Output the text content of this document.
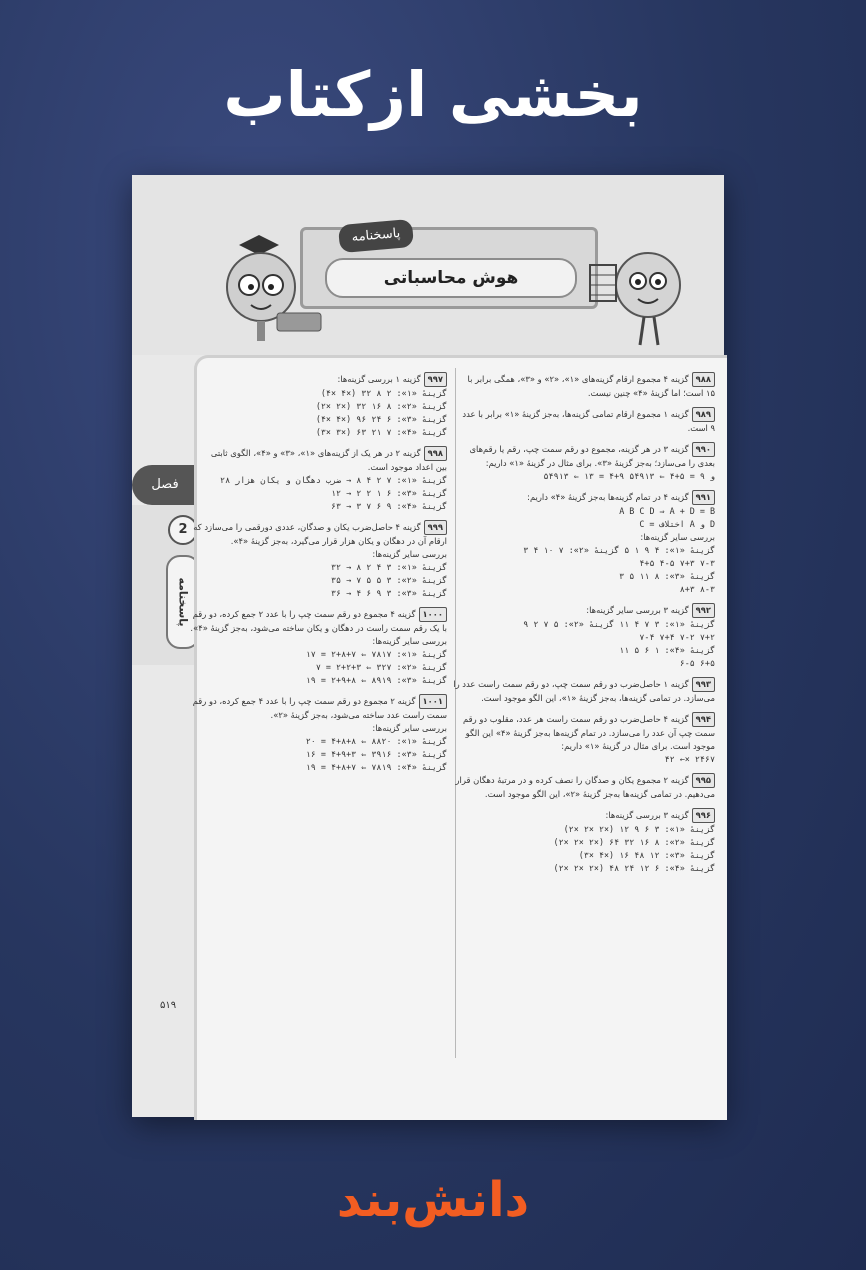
بخشی ازکتاب
پاسخنامه
هوش محاسباتی
فصل
2
پاسخنامه
۵۱۹
۹۸۸گزینه ۴ مجموع ارقام گزینه‌های «۱»، «۲» و «۳»، همگی برابر با
۱۵ است؛ اما گزینهٔ «۴» چنین نیست.
۹۸۹گزینه ۱ مجموع ارقام تمامی گزینه‌ها، به‌جز گزینهٔ «۱» برابر با عدد
۹ است.
۹۹۰گزینه ۳ در هر گزینه، مجموع دو رقم سمت چپ، رقم یا رقم‌های
بعدی را می‌سازد؛ به‌جز گزینهٔ «۳». برای مثال در گزینهٔ «۱» داریم:
۵۴۹۱۳ ⇐ ۱۳ = ۴+۹ و ۹ = ۵+۴ ⇐ ۵۴۹۱۳
۹۹۱گزینه ۴ در تمام گزینه‌ها به‌جز گزینهٔ «۴» داریم:
A B C D ⇒ A + D = B
C = اختلاف A و D
بررسی سایر گزینه‌ها:
گزینهٔ «۱»: ۴ ۹ ۱ ۵ گزینهٔ «۲»: ۷ ۱۰ ۴ ۳
۴+۵ ۴-۵ ۷+۳ ۷-۳
گزینهٔ «۳»: ۸ ۱۱ ۵ ۳
۸+۳ ۸-۳
۹۹۲گزینه ۳ بررسی سایر گزینه‌ها:
گزینهٔ «۱»: ۳ ۷ ۴ ۱۱ گزینهٔ «۲»: ۵ ۷ ۲ ۹
۷-۴ ۷+۴ ۷-۲ ۷+۲
گزینهٔ «۴»: ۱ ۶ ۵ ۱۱
۶-۵ ۶+۵
۹۹۳گزینه ۱ حاصل‌ضرب دو رقم سمت چپ، دو رقم سمت راست عدد را
می‌سازد. در تمامی گزینه‌ها، به‌جز گزینهٔ «۱»، این الگو موجود است.
۹۹۴گزینه ۴ حاصل‌ضرب دو رقم سمت راست هر عدد، مقلوب دو رقم
سمت چپ آن عدد را می‌سازد. در تمام گزینه‌ها به‌جز گزینهٔ «۴» این الگو
موجود است. برای مثال در گزینهٔ «۱» داریم:
۴۲ ←× ۲۴۶۷
۹۹۵گزینه ۲ مجموع یکان و صدگان را نصف کرده و در مرتبهٔ دهگان قرار
می‌دهیم. در تمامی گزینه‌ها به‌جز گزینهٔ «۲»، این الگو موجود است.
۹۹۶گزینه ۳ بررسی گزینه‌ها:
گزینهٔ «۱»: ۳ ۶ ۹ ۱۲ (×۲ ×۲ ×۲)
گزینهٔ «۲»: ۸ ۱۶ ۳۲ ۶۴ (×۲ ×۲ ×۲)
گزینهٔ «۳»: ۱۲ ۴۸ ۱۶ (×۴ ×۳)
گزینهٔ «۴»: ۶ ۱۲ ۲۴ ۴۸ (×۲ ×۲ ×۲)
۹۹۷گزینه ۱ بررسی گزینه‌ها:
گزینهٔ «۱»: ۲ ۸ ۳۲ (×۴ ×۴)
گزینهٔ «۲»: ۸ ۱۶ ۳۲ (×۲ ×۲)
گزینهٔ «۳»: ۶ ۲۴ ۹۶ (×۴ ×۴)
گزینهٔ «۴»: ۷ ۲۱ ۶۳ (×۳ ×۳)
۹۹۸گزینه ۲ در هر یک از گزینه‌های «۱»، «۳» و «۴»، الگوی ثابتی
بین اعداد موجود است.
گزینهٔ «۱»: ۷ ۲ ۴ ۸ → ضرب دهگان و یکان هزار ۲۸
گزینهٔ «۳»: ۶ ۱ ۲ ۲ → ۱۲
گزینهٔ «۴»: ۹ ۶ ۷ ۳ → ۶۳
۹۹۹گزینه ۴ حاصل‌ضرب یکان و صدگان، عددی دورقمی را می‌سازد که
ارقام آن در دهگان و یکان هزار قرار می‌گیرد، به‌جز گزینهٔ «۴».
بررسی سایر گزینه‌ها:
گزینهٔ «۱»: ۳ ۴ ۲ ۸ → ۳۲
گزینهٔ «۲»: ۳ ۵ ۵ ۷ → ۳۵
گزینهٔ «۳»: ۳ ۹ ۶ ۴ → ۳۶
۱۰۰۰گزینه ۴ مجموع دو رقم سمت چپ را با عدد ۲ جمع کرده، دو رقم
با یک رقم سمت راست در دهگان و یکان ساخته می‌شود، به‌جز گزینهٔ «۴».
بررسی سایر گزینه‌ها:
گزینهٔ «۱»: ۷۸۱۷ ⇐ ۷+۸+۲ = ۱۷
گزینهٔ «۲»: ۳۲۷ ⇐ ۳+۲+۲ = ۷
گزینهٔ «۳»: ۸۹۱۹ ⇐ ۸+۹+۲ = ۱۹
۱۰۰۱گزینه ۲ مجموع دو رقم سمت چپ را با عدد ۴ جمع کرده، دو رقم
سمت راست عدد ساخته می‌شود، به‌جز گزینهٔ «۲».
بررسی سایر گزینه‌ها:
گزینهٔ «۱»: ۸۸۲۰ ⇐ ۸+۸+۴ = ۲۰
گزینهٔ «۳»: ۳۹۱۶ ⇐ ۳+۹+۴ = ۱۶
گزینهٔ «۴»: ۷۸۱۹ ⇐ ۷+۸+۴ = ۱۹
دانش‌بند
